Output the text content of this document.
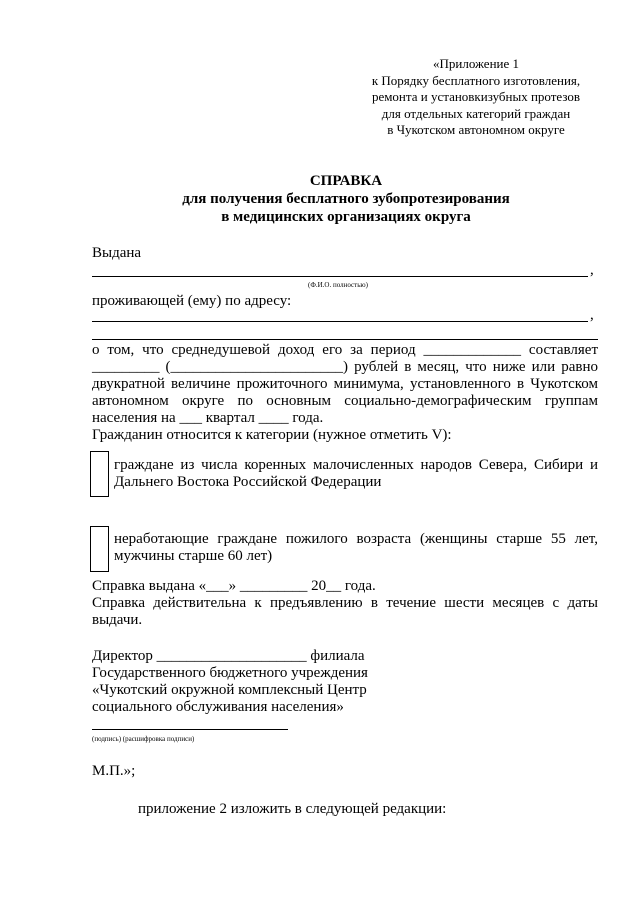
«Приложение 1
к Порядку бесплатного изготовления,
ремонта и установкизубных протезов
для отдельных категорий граждан
в Чукотском автономном округе
СПРАВКА
для получения бесплатного зубопротезирования
в медицинских организациях округа
Выдана
,
(Ф.И.О. полностью)
проживающей (ему) по адресу:
,
о том, что среднедушевой доход его за период _____________ составляет
_________ (_______________________) рублей в месяц, что ниже или равно
двукратной величине прожиточного минимума, установленного в Чукотском
автономном округе по основным социально-демографическим группам
населения на ___ квартал ____ года.
Гражданин относится к категории (нужное отметить V):
граждане из числа коренных малочисленных народов Севера, Сибири и
Дальнего Востока Российской Федерации
неработающие граждане пожилого возраста (женщины старше 55 лет,
мужчины старше 60 лет)
Справка выдана «___» _________ 20__ года.
Справка действительна к предъявлению в течение шести месяцев с даты
выдачи.
Директор ____________________ филиала
Государственного бюджетного учреждения
«Чукотский окружной комплексный Центр
социального обслуживания населения»
(подпись) (расшифровка подписи)
М.П.»;
приложение 2 изложить в следующей редакции:
